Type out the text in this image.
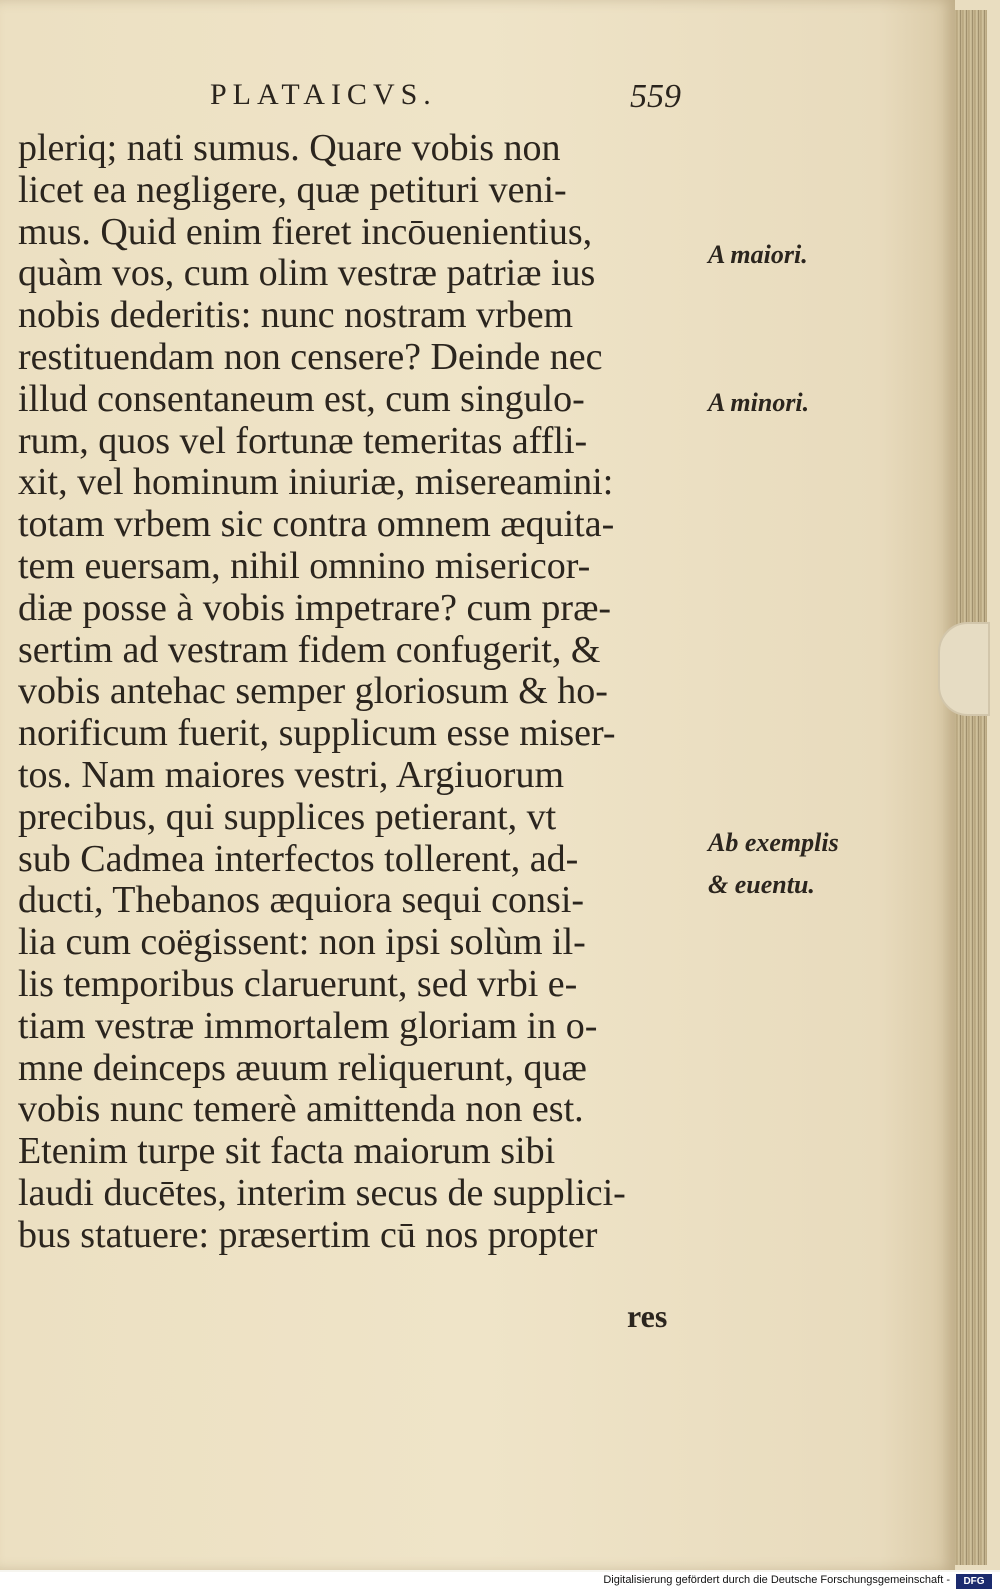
PLATAICVS.	559
pleriq; nati sumus. Quare vobis non
licet ea negligere, quæ petituri veni-
mus. Quid enim fieret incōuenientius,
quàm vos, cum olim vestræ patriæ ius
nobis dederitis: nunc nostram vrbem
restituendam non censere? Deinde nec
illud consentaneum est, cum singulo-
rum, quos vel fortunæ temeritas affli-
xit, vel hominum iniuriæ, misereamini:
totam vrbem sic contra omnem æquita-
tem euersam, nihil omnino misericor-
diæ posse à vobis impetrare? cum præ-
sertim ad vestram fidem confugerit, &
vobis antehac semper gloriosum & ho-
norificum fuerit, supplicum esse miser-
tos. Nam maiores vestri, Argiuorum
precibus, qui supplices petierant, vt
sub Cadmea interfectos tollerent, ad-
ducti, Thebanos æquiora sequi consi-
lia cum coëgissent: non ipsi solùm il-
lis temporibus claruerunt, sed vrbi e-
tiam vestræ immortalem gloriam in o-
mne deinceps æuum reliquerunt, quæ
vobis nunc temerè amittenda non est.
Etenim turpe sit facta maiorum sibi
laudi ducētes, interim secus de supplici-
bus statuere: præsertim cū nos propter
res
A maiori.
A minori.
Ab exemplis
& euentu.
Digitalisierung gefördert durch die Deutsche Forschungsgemeinschaft -	DFG
